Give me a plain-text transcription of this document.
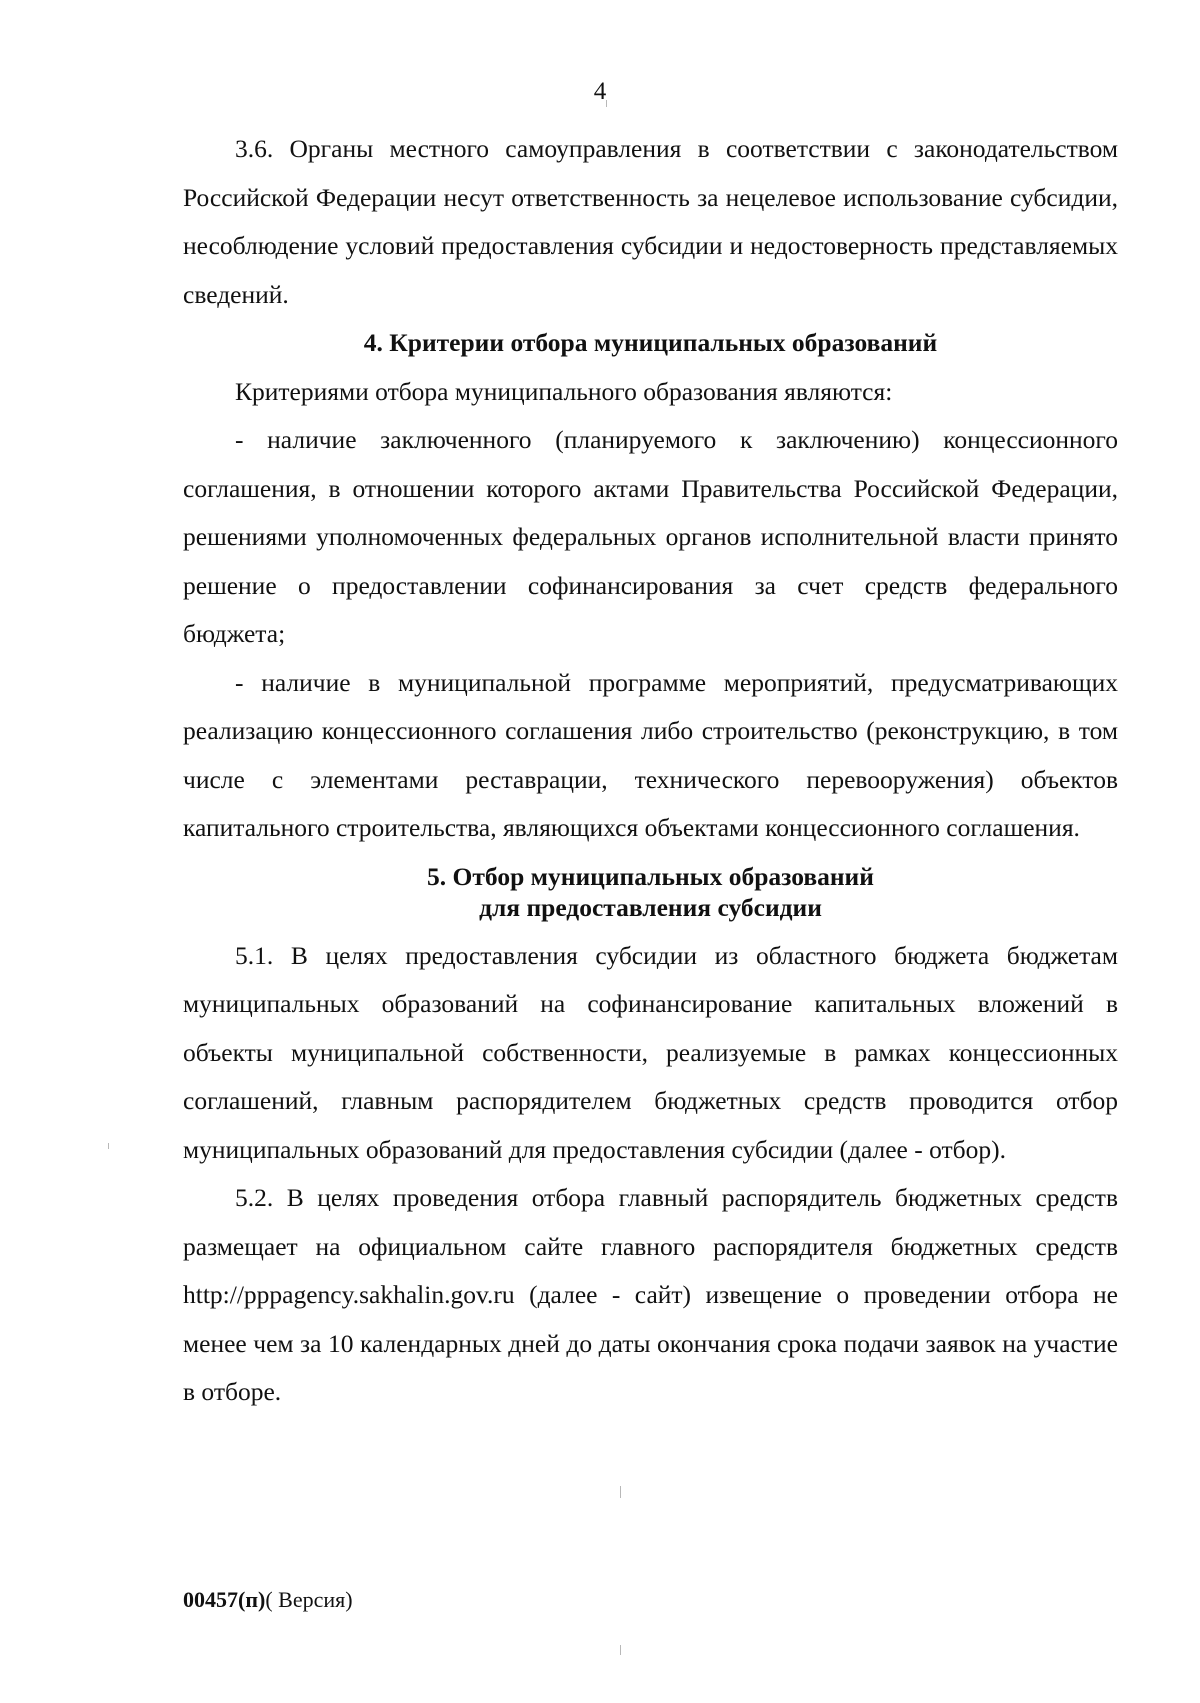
4

3.6. Органы местного самоуправления в соответствии с законодательством Российской Федерации несут ответственность за нецелевое использование субсидии, несоблюдение условий предоставления субсидии и недостоверность представляемых сведений.

4. Критерии отбора муниципальных образований

Критериями отбора муниципального образования являются:

- наличие заключенного (планируемого к заключению) концессионного соглашения, в отношении которого актами Правительства Российской Федерации, решениями уполномоченных федеральных органов исполнительной власти принято решение о предоставлении софинансирования за счет средств федерального бюджета;

- наличие в муниципальной программе мероприятий, предусматривающих реализацию концессионного соглашения либо строительство (реконструкцию, в том числе с элементами реставрации, технического перевооружения) объектов капитального строительства, являющихся объектами концессионного соглашения.

5. Отбор муниципальных образований
для предоставления субсидии

5.1. В целях предоставления субсидии из областного бюджета бюджетам муниципальных образований на софинансирование капитальных вложений в объекты муниципальной собственности, реализуемые в рамках концессионных соглашений, главным распорядителем бюджетных средств проводится отбор муниципальных образований для предоставления субсидии (далее - отбор).

5.2. В целях проведения отбора главный распорядитель бюджетных средств размещает на официальном сайте главного распорядителя бюджетных средств http://pppagency.sakhalin.gov.ru (далее - сайт) извещение о проведении отбора не менее чем за 10 календарных дней до даты окончания срока подачи заявок на участие в отборе.

00457(п)( Версия)
